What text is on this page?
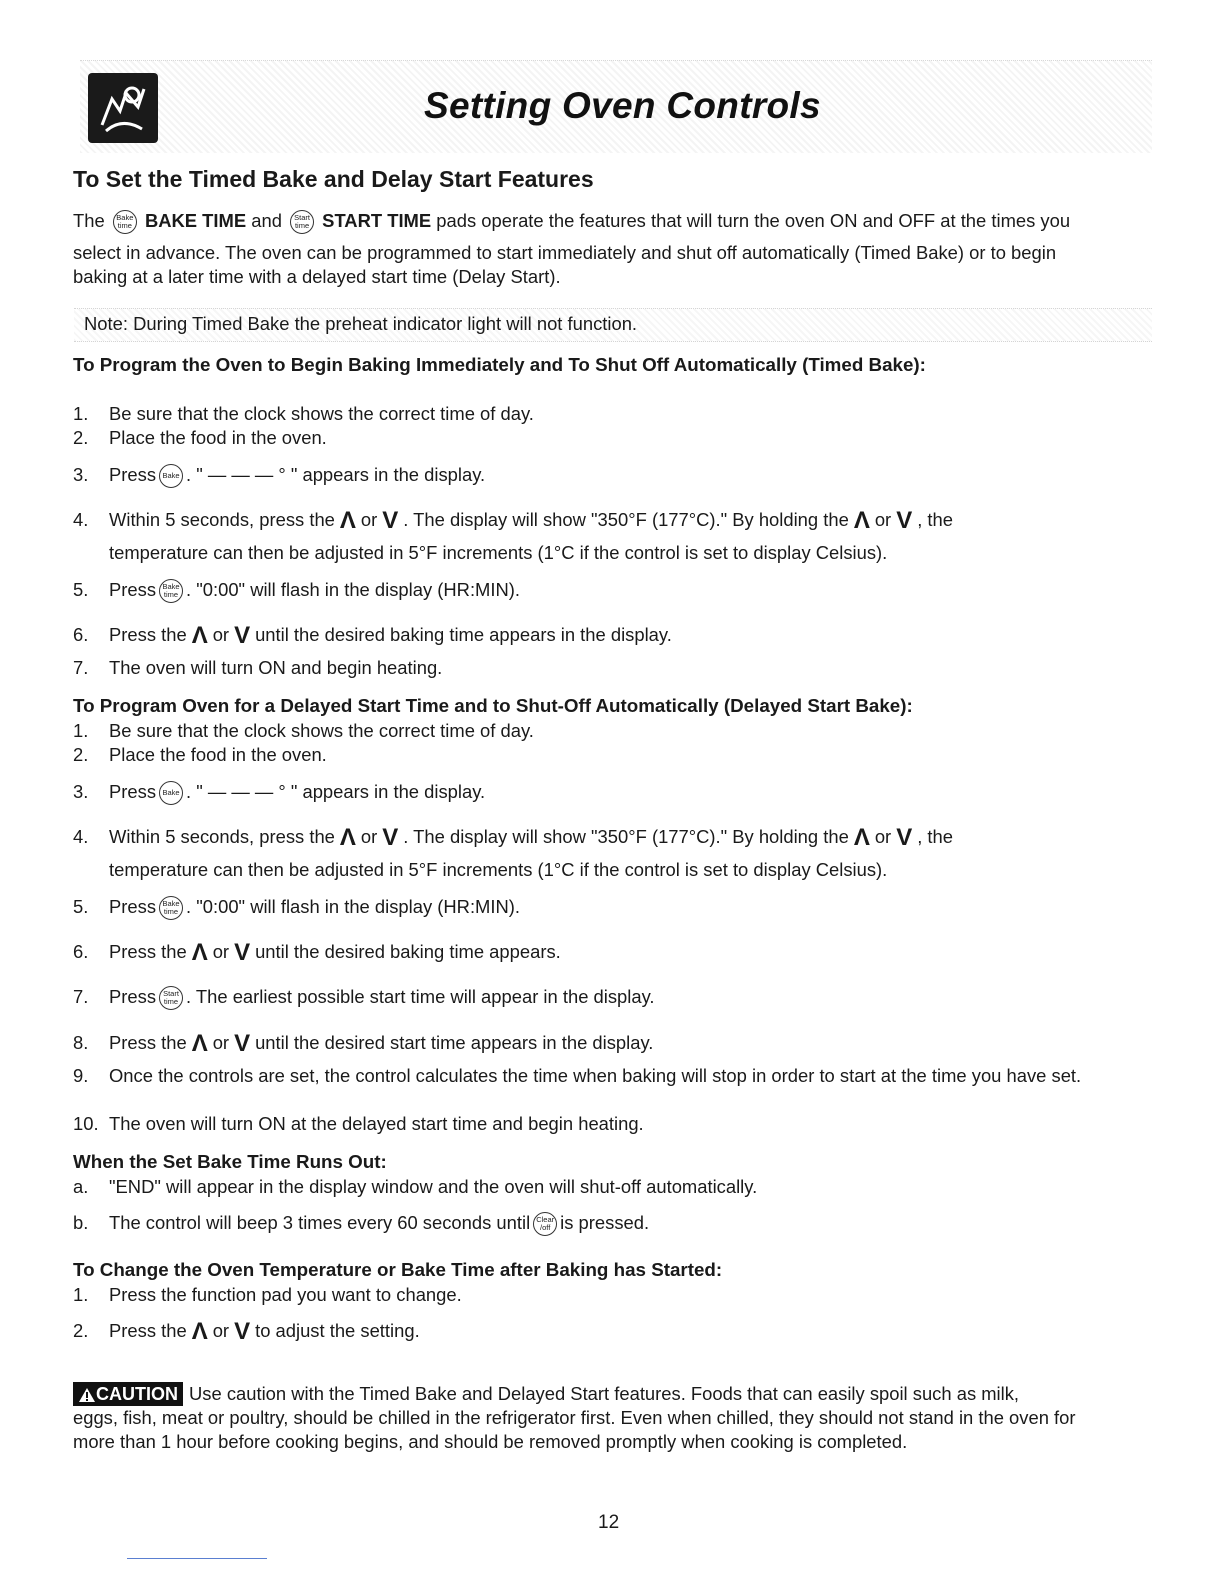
Setting Oven Controls
To Set the Timed Bake and Delay Start Features
The Bake
time BAKE TIME and Start
time START TIME pads operate the features that will turn the oven ON and OFF at the times you
select in advance. The oven can be programmed to start immediately and shut off automatically (Timed Bake) or to begin
baking at a later time with a delayed start time (Delay Start).
Note: During Timed Bake the preheat indicator light will not function.
To Program the Oven to Begin Baking Immediately and To Shut Off Automatically (Timed Bake):
1. Be sure that the clock shows the correct time of day.
2. Place the food in the oven.
3. Press Bake . " — — — ° " appears in the display.
4. Within 5 seconds, press the Λ or V . The display will show "350°F (177°C)." By holding the Λ or V , the
temperature can then be adjusted in 5°F increments (1°C if the control is set to display Celsius).
5. Press Bake
time . "0:00" will flash in the display (HR:MIN).
6. Press the Λ or V until the desired baking time appears in the display.
7. The oven will turn ON and begin heating.
To Program Oven for a Delayed Start Time and to Shut-Off Automatically (Delayed Start Bake):
1. Be sure that the clock shows the correct time of day.
2. Place the food in the oven.
3. Press Bake . " — — — ° " appears in the display.
4. Within 5 seconds, press the Λ or V . The display will show "350°F (177°C)." By holding the Λ or V , the
temperature can then be adjusted in 5°F increments (1°C if the control is set to display Celsius).
5. Press Bake
time . "0:00" will flash in the display (HR:MIN).
6. Press the Λ or V until the desired baking time appears.
7. Press Start
time . The earliest possible start time will appear in the display.
8. Press the Λ or V until the desired start time appears in the display.
9. Once the controls are set, the control calculates the time when baking will stop in order to start at the time you have set.
10. The oven will turn ON at the delayed start time and begin heating.
When the Set Bake Time Runs Out:
a. "END" will appear in the display window and the oven will shut-off automatically.
b. The control will beep 3 times every 60 seconds until Clear
/off is pressed.
To Change the Oven Temperature or Bake Time after Baking has Started:
1. Press the function pad you want to change.
2. Press the Λ or V to adjust the setting.
CAUTION Use caution with the Timed Bake and Delayed Start features. Foods that can easily spoil such as milk,
eggs, fish, meat or poultry, should be chilled in the refrigerator first. Even when chilled, they should not stand in the oven for
more than 1 hour before cooking begins, and should be removed promptly when cooking is completed.
12
